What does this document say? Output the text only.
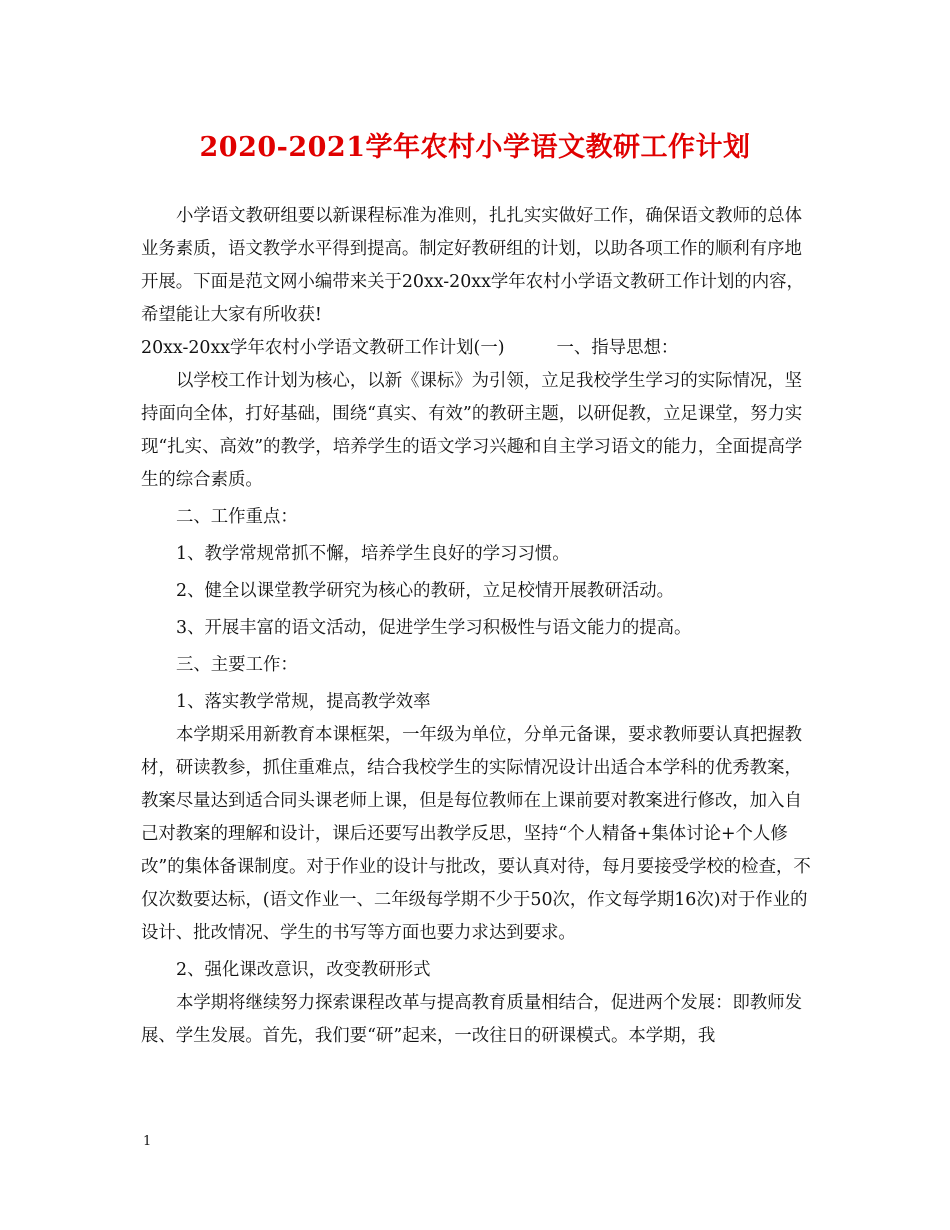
2020-2021学年农村小学语文教研工作计划

小学语文教研组要以新课程标准为准则，扎扎实实做好工作，确保语文教师的总体业务素质，语文教学水平得到提高。制定好教研组的计划，以助各项工作的顺利有序地开展。下面是范文网小编带来关于20xx-20xx学年农村小学语文教研工作计划的内容，希望能让大家有所收获!

20xx-20xx学年农村小学语文教研工作计划(一)	一、指导思想：

以学校工作计划为核心，以新《课标》为引领，立足我校学生学习的实际情况，坚持面向全体，打好基础，围绕“真实、有效”的教研主题，以研促教，立足课堂，努力实现“扎实、高效”的教学，培养学生的语文学习兴趣和自主学习语文的能力，全面提高学生的综合素质。

二、工作重点：

1、教学常规常抓不懈，培养学生良好的学习习惯。

2、健全以课堂教学研究为核心的教研，立足校情开展教研活动。

3、开展丰富的语文活动，促进学生学习积极性与语文能力的提高。

三、主要工作：

1、落实教学常规，提高教学效率

本学期采用新教育本课框架，一年级为单位，分单元备课，要求教师要认真把握教材，研读教参，抓住重难点，结合我校学生的实际情况设计出适合本学科的优秀教案，教案尽量达到适合同头课老师上课，但是每位教师在上课前要对教案进行修改，加入自己对教案的理解和设计，课后还要写出教学反思，坚持“个人精备+集体讨论+个人修改”的集体备课制度。对于作业的设计与批改，要认真对待，每月要接受学校的检查，不仅次数要达标，(语文作业一、二年级每学期不少于50次，作文每学期16次)对于作业的设计、批改情况、学生的书写等方面也要力求达到要求。

2、强化课改意识，改变教研形式

本学期将继续努力探索课程改革与提高教育质量相结合，促进两个发展：即教师发展、学生发展。首先，我们要“研”起来，一改往日的研课模式。本学期，我

1
